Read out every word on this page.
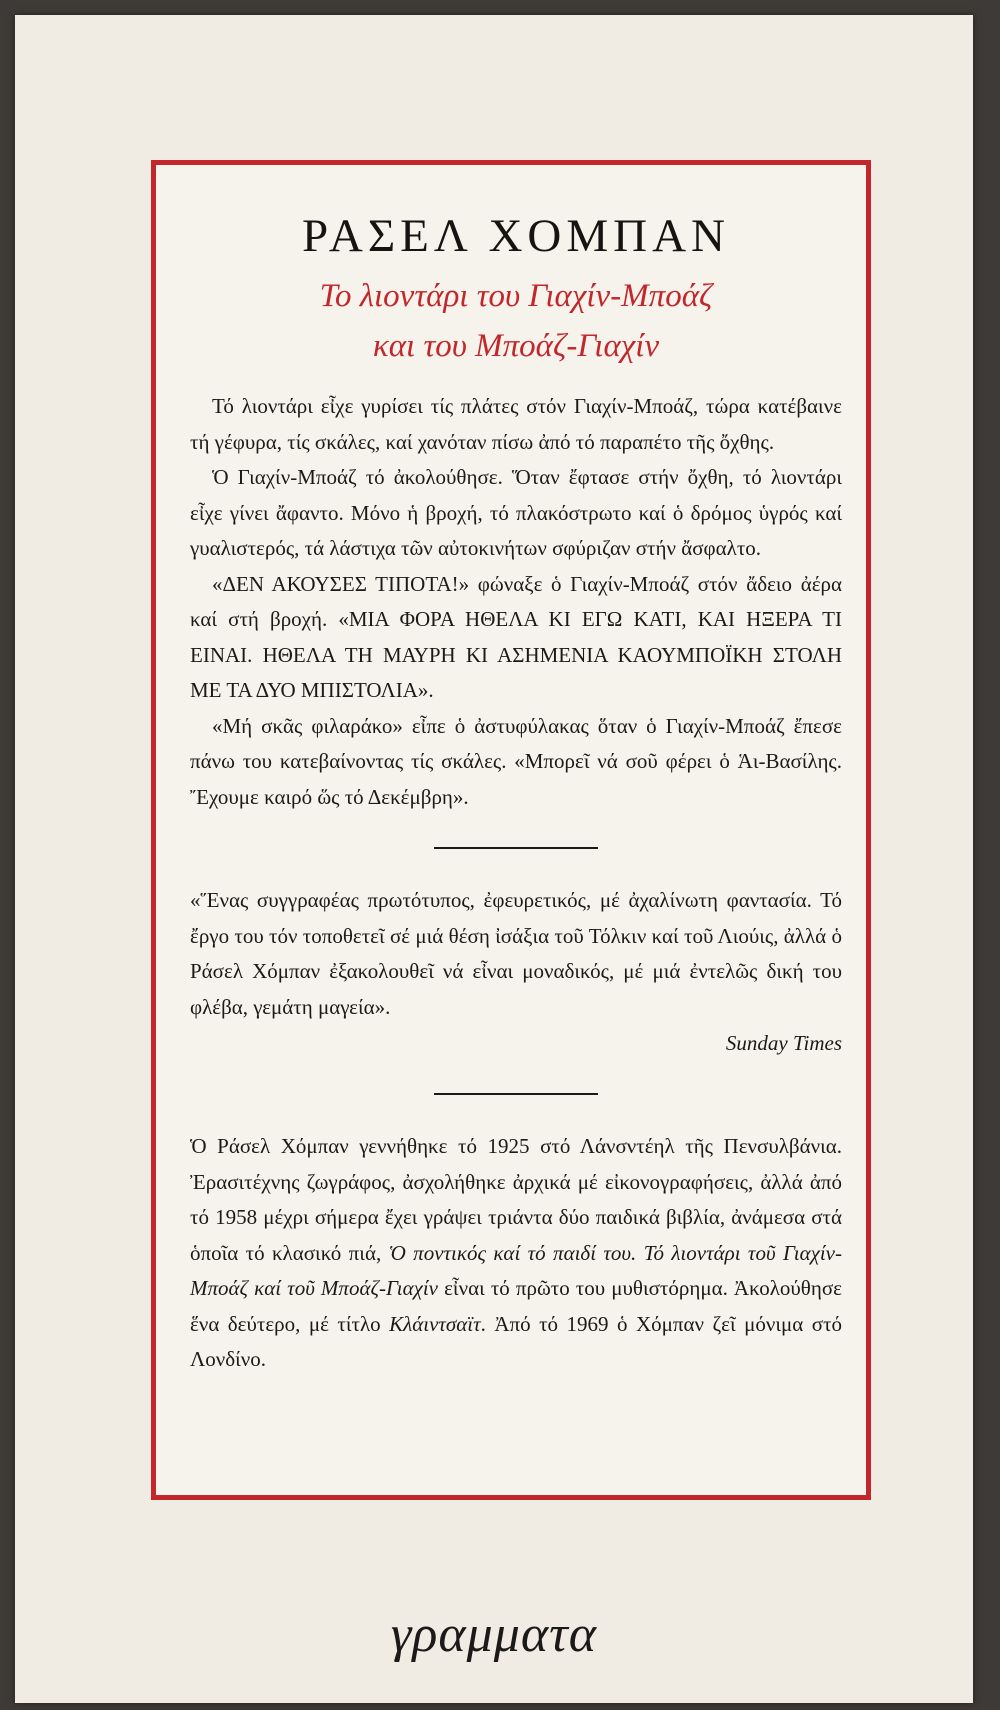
ΡΑΣΕΛ ΧΟΜΠΑΝ
Το λιοντάρι του Γιαχίν-Μποάζ
και του Μποάζ-Γιαχίν

Τό λιοντάρι εἶχε γυρίσει τίς πλάτες στόν Γιαχίν-Μποάζ, τώρα κατέβαινε τή γέφυρα, τίς σκάλες, καί χανόταν πίσω ἀπό τό παραπέτο τῆς ὄχθης.

Ὁ Γιαχίν-Μποάζ τό ἀκολούθησε. Ὅταν ἔφτασε στήν ὄχθη, τό λιοντάρι εἶχε γίνει ἄφαντο. Μόνο ἡ βροχή, τό πλακόστρωτο καί ὁ δρόμος ὑγρός καί γυαλιστερός, τά λάστιχα τῶν αὐτοκινήτων σφύριζαν στήν ἄσφαλτο.

«ΔΕΝ ΑΚΟΥΣΕΣ ΤΙΠΟΤΑ!» φώναξε ὁ Γιαχίν-Μποάζ στόν ἄδειο ἀέρα καί στή βροχή. «ΜΙΑ ΦΟΡΑ ΗΘΕΛΑ ΚΙ ΕΓΩ ΚΑΤΙ, ΚΑΙ ΗΞΕΡΑ ΤΙ ΕΙΝΑΙ. ΗΘΕΛΑ ΤΗ ΜΑΥΡΗ ΚΙ ΑΣΗΜΕΝΙΑ ΚΑΟΥΜΠΟΪΚΗ ΣΤΟΛΗ ΜΕ ΤΑ ΔΥΟ ΜΠΙΣΤΟΛΙΑ».

«Μή σκᾶς φιλαράκο» εἶπε ὁ ἀστυφύλακας ὅταν ὁ Γιαχίν-Μποάζ ἔπεσε πάνω του κατεβαίνοντας τίς σκάλες. «Μπορεῖ νά σοῦ φέρει ὁ Ἁι-Βασίλης. Ἔχουμε καιρό ὥς τό Δεκέμβρη».

«Ἕνας συγγραφέας πρωτότυπος, ἐφευρετικός, μέ ἀχαλίνωτη φαντασία. Τό ἔργο του τόν τοποθετεῖ σέ μιά θέση ἰσάξια τοῦ Τόλκιν καί τοῦ Λιούις, ἀλλά ὁ Ράσελ Χόμπαν ἐξακολουθεῖ νά εἶναι μοναδικός, μέ μιά ἐντελῶς δική του φλέβα, γεμάτη μαγεία».

Sunday Times

Ὁ Ράσελ Χόμπαν γεννήθηκε τό 1925 στό Λάνσντέηλ τῆς Πενσυλβάνια. Ἐρασιτέχνης ζωγράφος, ἀσχολήθηκε ἀρχικά μέ εἰκονογραφήσεις, ἀλλά ἀπό τό 1958 μέχρι σήμερα ἔχει γράψει τριάντα δύο παιδικά βιβλία, ἀνάμεσα στά ὁποῖα τό κλασικό πιά, Ὁ ποντικός καί τό παιδί του. Τό λιοντάρι τοῦ Γιαχίν-Μποάζ καί τοῦ Μποάζ-Γιαχίν εἶναι τό πρῶτο του μυθιστόρημα. Ἀκολούθησε ἕνα δεύτερο, μέ τίτλο Κλάιντσαϊτ. Ἀπό τό 1969 ὁ Χόμπαν ζεῖ μόνιμα στό Λονδίνο.

γραμματα
